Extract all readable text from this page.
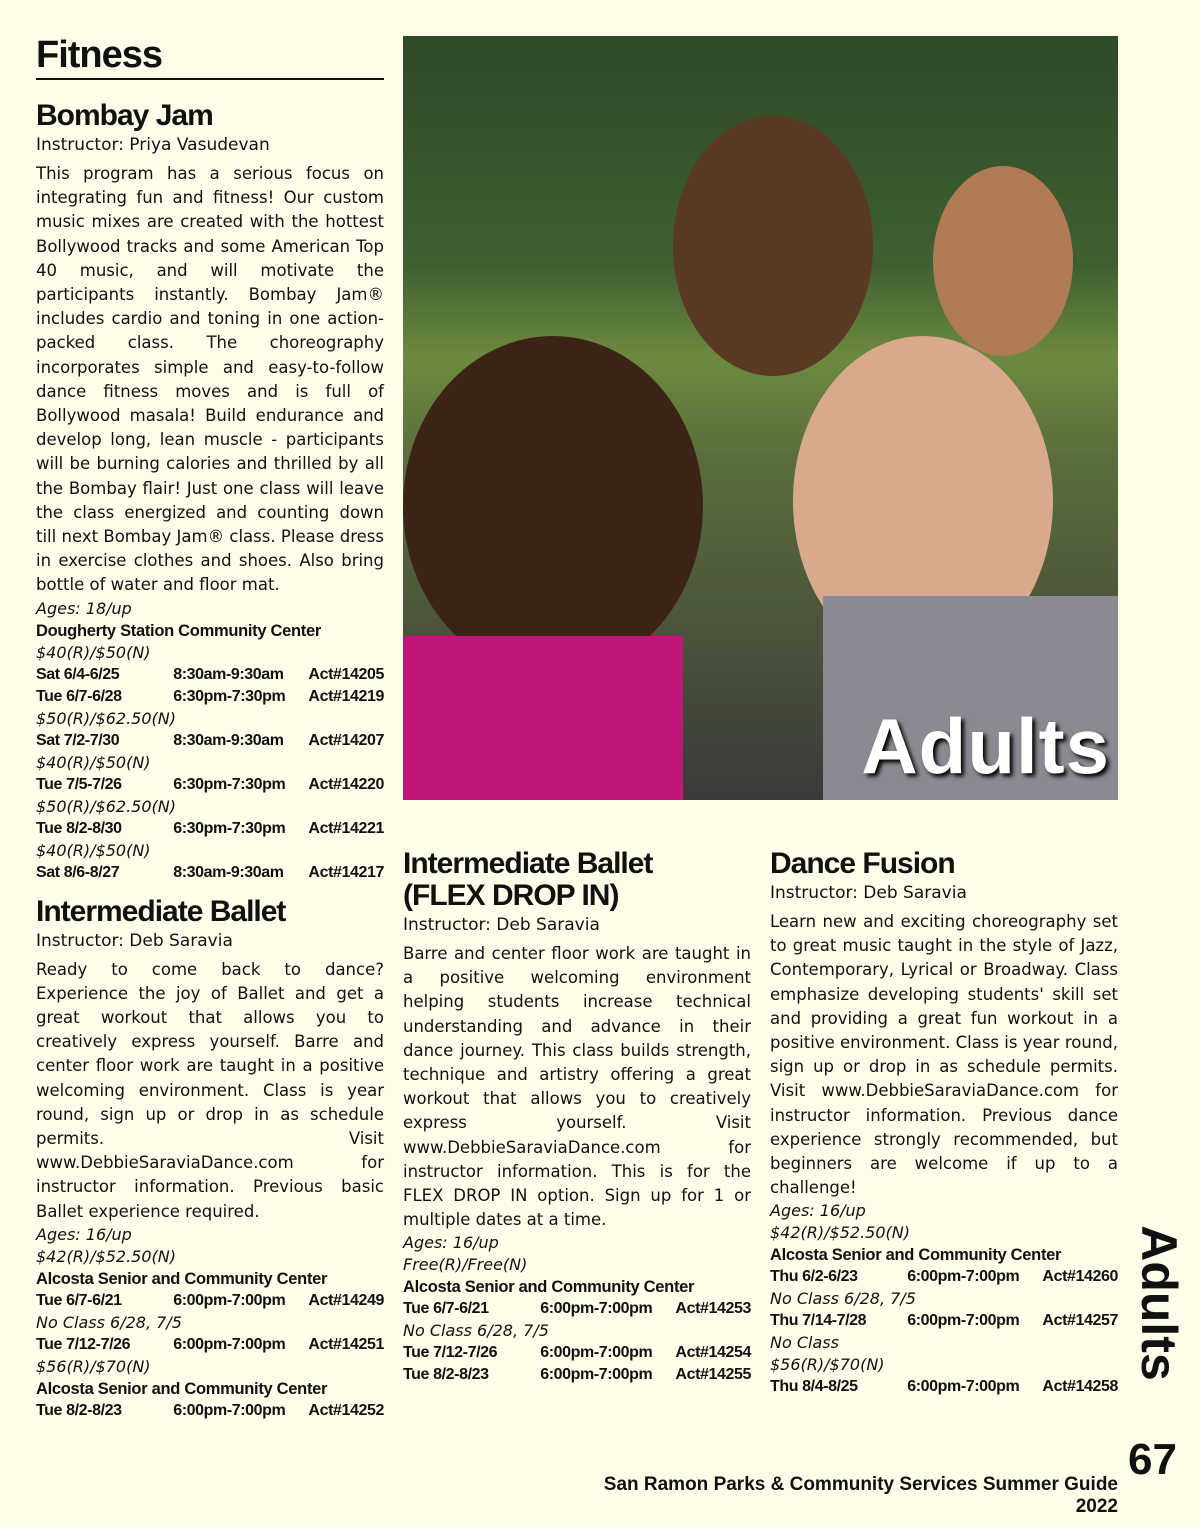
Fitness
Bombay Jam
Instructor: Priya Vasudevan

This program has a serious focus on integrating fun and fitness! Our custom music mixes are created with the hottest Bollywood tracks and some American Top 40 music, and will motivate the participants instantly. Bombay Jam® includes cardio and toning in one action-packed class. The choreography incorporates simple and easy-to-follow dance fitness moves and is full of Bollywood masala! Build endurance and develop long, lean muscle - participants will be burning calories and thrilled by all the Bombay flair! Just one class will leave the class energized and counting down till next Bombay Jam® class. Please dress in exercise clothes and shoes. Also bring bottle of water and floor mat.

Ages: 18/up
Dougherty Station Community Center
$40(R)/$50(N)
Sat 6/4-6/25	8:30am-9:30am	Act#14205
Tue 6/7-6/28	6:30pm-7:30pm	Act#14219
$50(R)/$62.50(N)
Sat 7/2-7/30	8:30am-9:30am	Act#14207
$40(R)/$50(N)
Tue 7/5-7/26	6:30pm-7:30pm	Act#14220
$50(R)/$62.50(N)
Tue 8/2-8/30	6:30pm-7:30pm	Act#14221
$40(R)/$50(N)
Sat 8/6-8/27	8:30am-9:30am	Act#14217
Intermediate Ballet
Instructor: Deb Saravia

Ready to come back to dance? Experience the joy of Ballet and get a great workout that allows you to creatively express yourself. Barre and center floor work are taught in a positive welcoming environment. Class is year round, sign up or drop in as schedule permits. Visit www.DebbieSaraviaDance.com for instructor information. Previous basic Ballet experience required.

Ages: 16/up
$42(R)/$52.50(N)
Alcosta Senior and Community Center
Tue 6/7-6/21	6:00pm-7:00pm	Act#14249
No Class 6/28, 7/5
Tue 7/12-7/26	6:00pm-7:00pm	Act#14251
$56(R)/$70(N)
Alcosta Senior and Community Center
Tue 8/2-8/23	6:00pm-7:00pm	Act#14252
Adults
Intermediate Ballet
(FLEX DROP IN)
Instructor: Deb Saravia

Barre and center floor work are taught in a positive welcoming environment helping students increase technical understanding and advance in their dance journey. This class builds strength, technique and artistry offering a great workout that allows you to creatively express yourself. Visit www.DebbieSaraviaDance.com for instructor information. This is for the FLEX DROP IN option. Sign up for 1 or multiple dates at a time.

Ages: 16/up
Free(R)/Free(N)
Alcosta Senior and Community Center
Tue 6/7-6/21	6:00pm-7:00pm	Act#14253
No Class 6/28, 7/5
Tue 7/12-7/26	6:00pm-7:00pm	Act#14254
Tue 8/2-8/23	6:00pm-7:00pm	Act#14255
Dance Fusion
Instructor: Deb Saravia

Learn new and exciting choreography set to great music taught in the style of Jazz, Contemporary, Lyrical or Broadway. Class emphasize developing students' skill set and providing a great fun workout in a positive environment. Class is year round, sign up or drop in as schedule permits. Visit www.DebbieSaraviaDance.com for instructor information. Previous dance experience strongly recommended, but beginners are welcome if up to a challenge!

Ages: 16/up
$42(R)/$52.50(N)
Alcosta Senior and Community Center
Thu 6/2-6/23	6:00pm-7:00pm	Act#14260
No Class 6/28, 7/5
Thu 7/14-7/28	6:00pm-7:00pm	Act#14257
No Class
$56(R)/$70(N)
Thu 8/4-8/25	6:00pm-7:00pm	Act#14258
Adults
San Ramon Parks & Community Services Summer Guide 2022
67
